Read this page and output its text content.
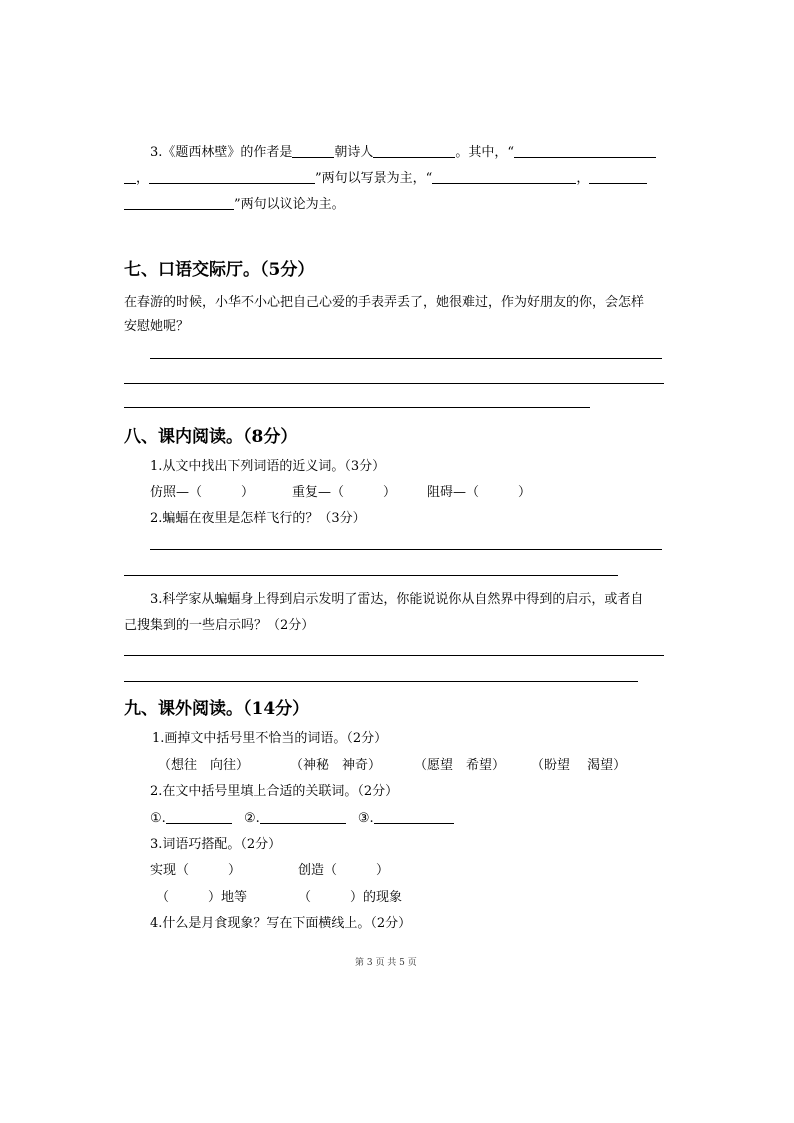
3.《题西林壁》的作者是	朝诗人	。其中，“
，	”两句以写景为主，“	，
”两句以议论为主。
七、口语交际厅。（5分）
在春游的时候，小华不小心把自己心爱的手表弄丢了，她很难过，作为好朋友的你，会怎样
安慰她呢？
八、课内阅读。（8分）
1.从文中找出下列词语的近义词。（3分）
仿照—（　　　）	重复—（　　　） 阻碍—（　　　）
2.蝙蝠在夜里是怎样飞行的？（3分）
3.科学家从蝙蝠身上得到启示发明了雷达，你能说说你从自然界中得到的启示，或者自
己搜集到的一些启示吗？（2分）
九、课外阅读。（14分）
1.画掉文中括号里不恰当的词语。（2分）
（想往　向往）	（神秘　神奇）	（愿望　希望） （盼望　 渴望）
2.在文中括号里填上合适的关联词。（2分）
①.	②.	③.
3.词语巧搭配。（2分）
实现（　　　）	创造（　　　）
（　　　）地等	（　　　）的现象
4.什么是月食现象？写在下面横线上。（2分）
第 3 页 共 5 页
